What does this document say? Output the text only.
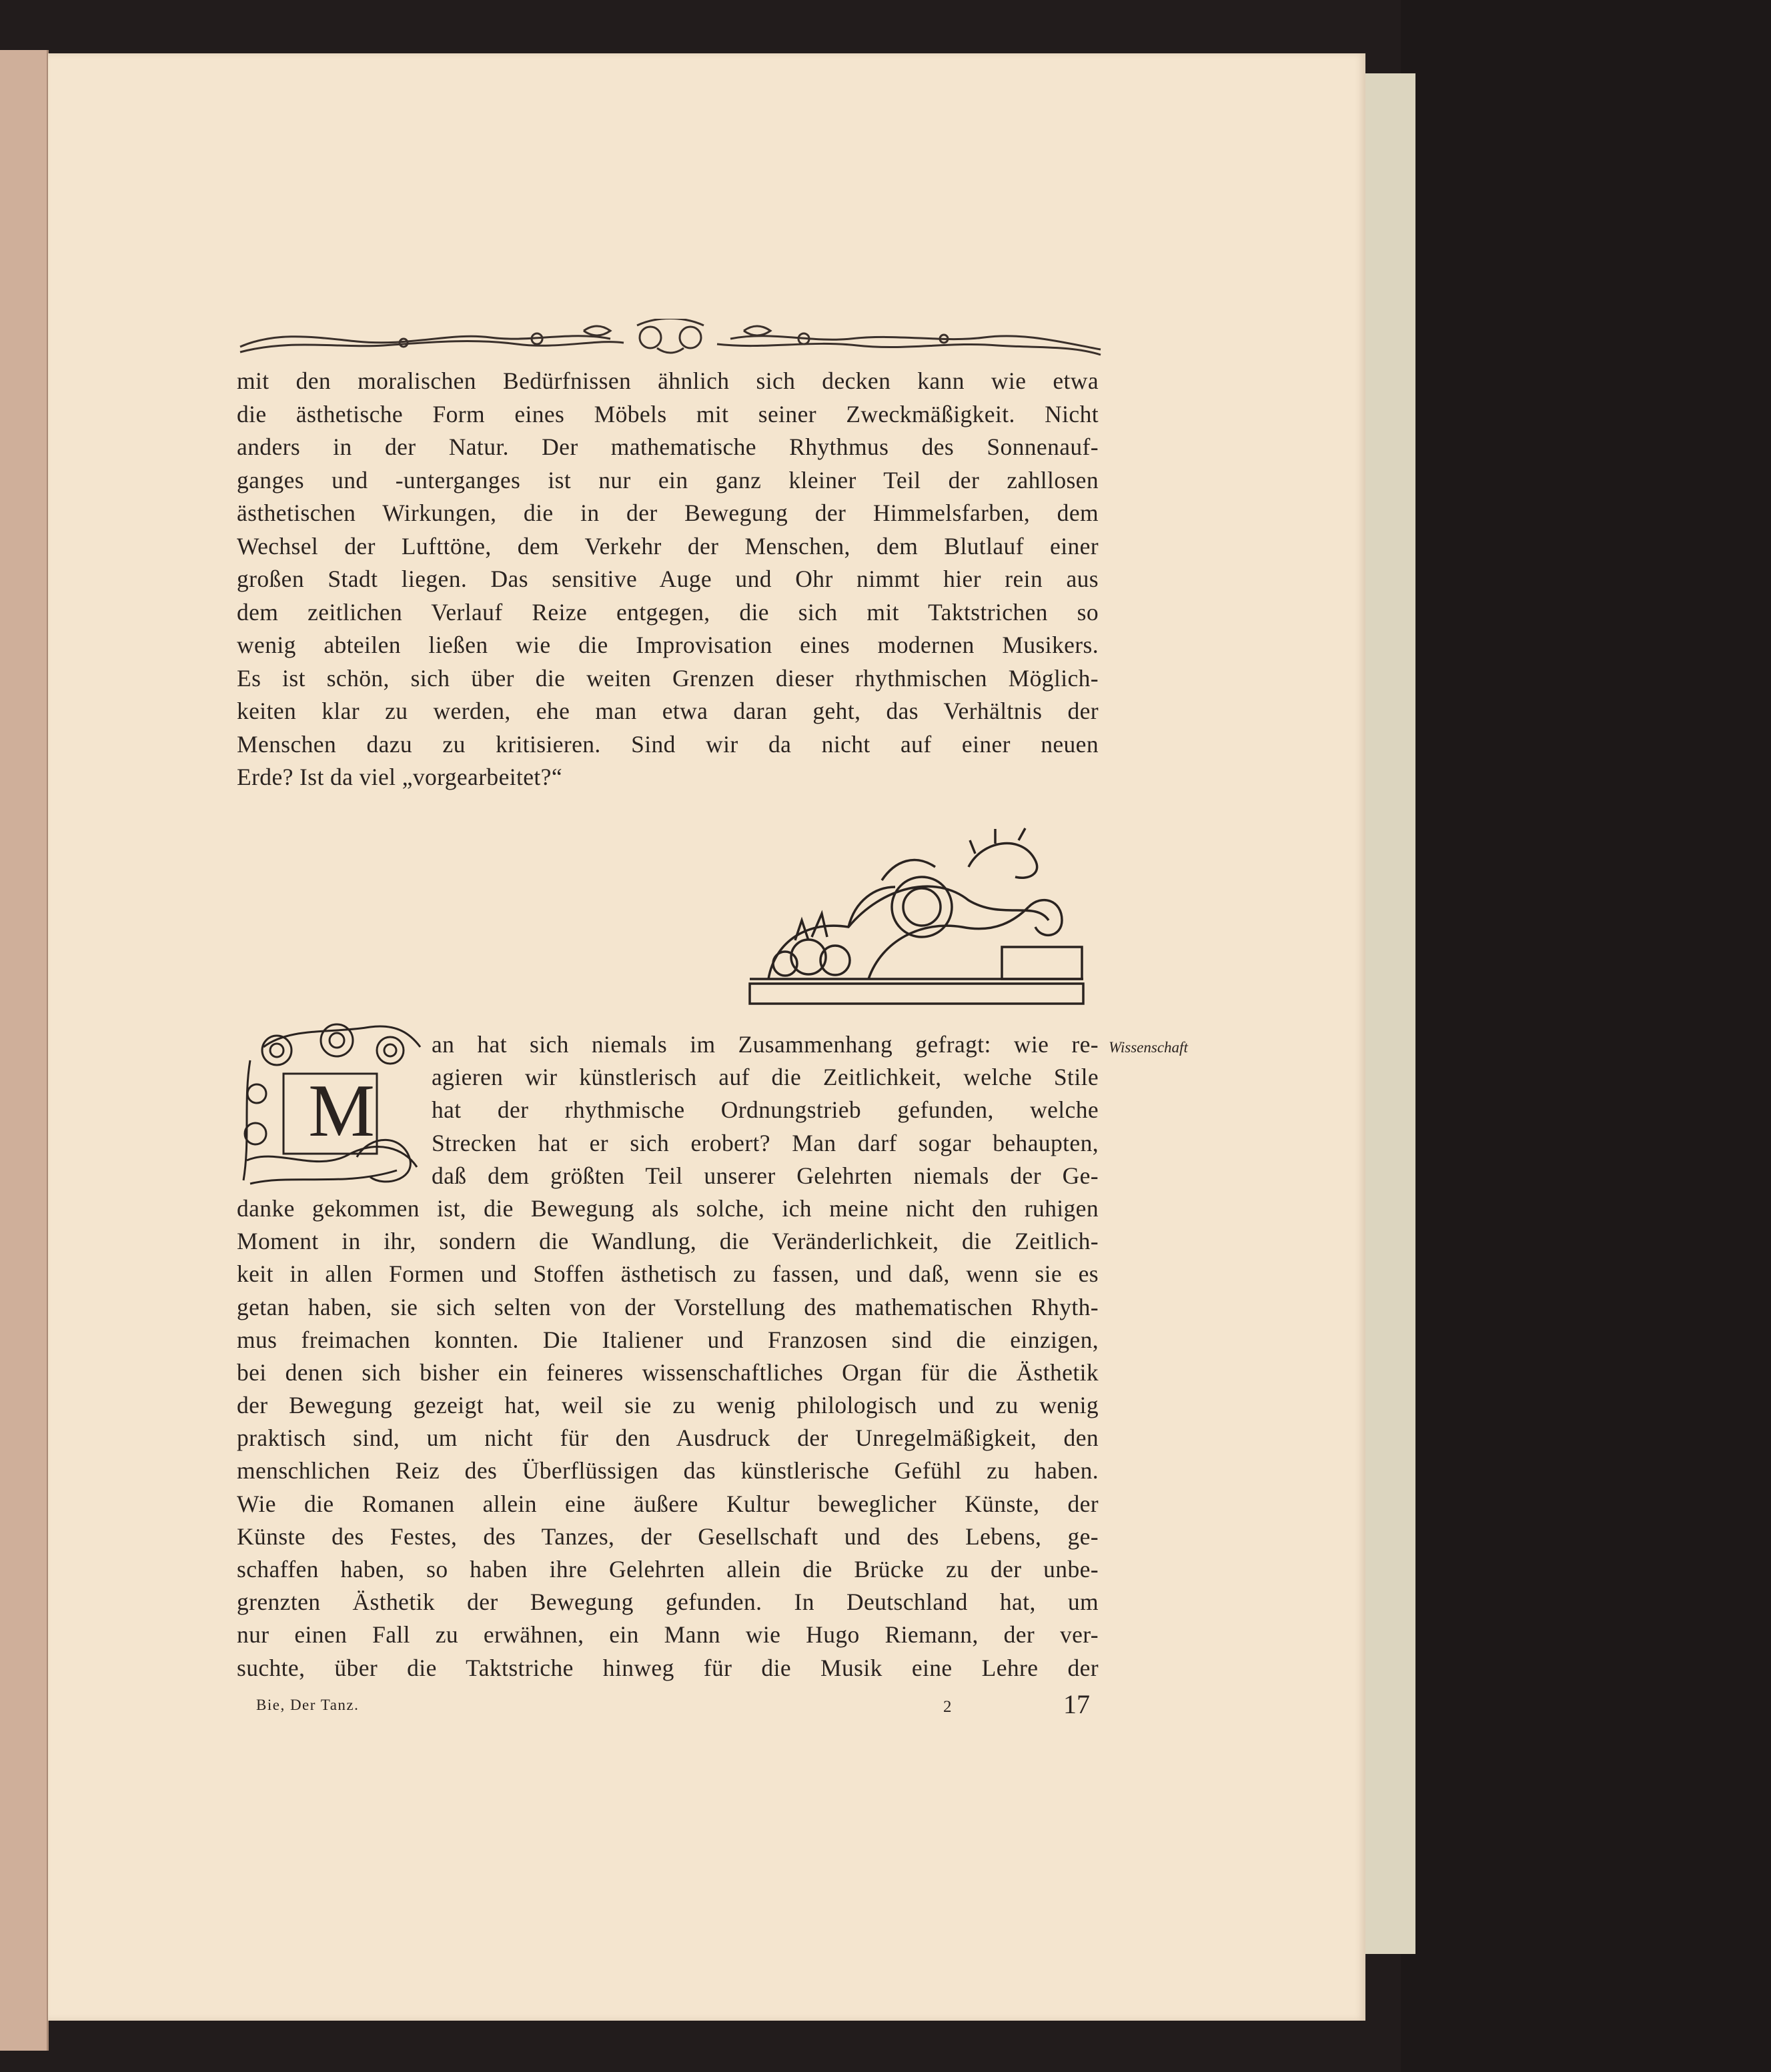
mit den moralischen Bedürfnissen ähnlich sich decken kann wie etwa
die ästhetische Form eines Möbels mit seiner Zweckmäßigkeit. Nicht
anders in der Natur. Der mathematische Rhythmus des Sonnenauf-
ganges und -unterganges ist nur ein ganz kleiner Teil der zahllosen
ästhetischen Wirkungen, die in der Bewegung der Himmelsfarben, dem
Wechsel der Lufttöne, dem Verkehr der Menschen, dem Blutlauf einer
großen Stadt liegen. Das sensitive Auge und Ohr nimmt hier rein aus
dem zeitlichen Verlauf Reize entgegen, die sich mit Taktstrichen so
wenig abteilen ließen wie die Improvisation eines modernen Musikers.
Es ist schön, sich über die weiten Grenzen dieser rhythmischen Möglich-
keiten klar zu werden, ehe man etwa daran geht, das Verhältnis der
Menschen dazu zu kritisieren. Sind wir da nicht auf einer neuen
Erde? Ist da viel „vorgearbeitet?“
M
Wissenschaft
an hat sich niemals im Zusammenhang gefragt: wie re-
agieren wir künstlerisch auf die Zeitlichkeit, welche Stile
hat der rhythmische Ordnungstrieb gefunden, welche
Strecken hat er sich erobert? Man darf sogar behaupten,
daß dem größten Teil unserer Gelehrten niemals der Ge-
danke gekommen ist, die Bewegung als solche, ich meine nicht den ruhigen
Moment in ihr, sondern die Wandlung, die Veränderlichkeit, die Zeitlich-
keit in allen Formen und Stoffen ästhetisch zu fassen, und daß, wenn sie es
getan haben, sie sich selten von der Vorstellung des mathematischen Rhyth-
mus freimachen konnten. Die Italiener und Franzosen sind die einzigen,
bei denen sich bisher ein feineres wissenschaftliches Organ für die Ästhetik
der Bewegung gezeigt hat, weil sie zu wenig philologisch und zu wenig
praktisch sind, um nicht für den Ausdruck der Unregelmäßigkeit, den
menschlichen Reiz des Überflüssigen das künstlerische Gefühl zu haben.
Wie die Romanen allein eine äußere Kultur beweglicher Künste, der
Künste des Festes, des Tanzes, der Gesellschaft und des Lebens, ge-
schaffen haben, so haben ihre Gelehrten allein die Brücke zu der unbe-
grenzten Ästhetik der Bewegung gefunden. In Deutschland hat, um
nur einen Fall zu erwähnen, ein Mann wie Hugo Riemann, der ver-
suchte, über die Taktstriche hinweg für die Musik eine Lehre der
Bie, Der Tanz.	2	17
